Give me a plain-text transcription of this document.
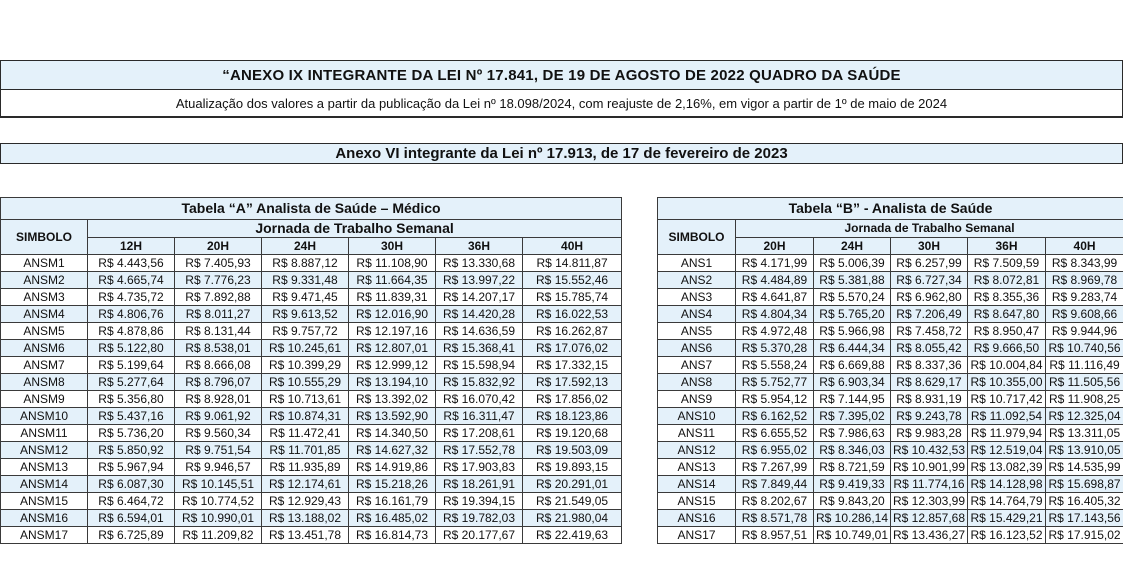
“ANEXO IX INTEGRANTE DA LEI Nº 17.841, DE 19 DE AGOSTO DE 2022 QUADRO DA SAÚDE
Atualização dos valores a partir da publicação da Lei nº 18.098/2024, com reajuste de 2,16%, em vigor a partir de 1º de maio de 2024
Anexo VI integrante da Lei nº 17.913, de 17 de fevereiro de 2023
Tabela “A” Analista de Saúde – Médico						
SIMBOLO	Jornada de Trabalho Semanal					
	12H	20H	24H	30H	36H	40H
ANSM1	R$ 4.443,56	R$ 7.405,93	R$ 8.887,12	R$ 11.108,90	R$ 13.330,68	R$ 14.811,87
ANSM2	R$ 4.665,74	R$ 7.776,23	R$ 9.331,48	R$ 11.664,35	R$ 13.997,22	R$ 15.552,46
ANSM3	R$ 4.735,72	R$ 7.892,88	R$ 9.471,45	R$ 11.839,31	R$ 14.207,17	R$ 15.785,74
ANSM4	R$ 4.806,76	R$ 8.011,27	R$ 9.613,52	R$ 12.016,90	R$ 14.420,28	R$ 16.022,53
ANSM5	R$ 4.878,86	R$ 8.131,44	R$ 9.757,72	R$ 12.197,16	R$ 14.636,59	R$ 16.262,87
ANSM6	R$ 5.122,80	R$ 8.538,01	R$ 10.245,61	R$ 12.807,01	R$ 15.368,41	R$ 17.076,02
ANSM7	R$ 5.199,64	R$ 8.666,08	R$ 10.399,29	R$ 12.999,12	R$ 15.598,94	R$ 17.332,15
ANSM8	R$ 5.277,64	R$ 8.796,07	R$ 10.555,29	R$ 13.194,10	R$ 15.832,92	R$ 17.592,13
ANSM9	R$ 5.356,80	R$ 8.928,01	R$ 10.713,61	R$ 13.392,02	R$ 16.070,42	R$ 17.856,02
ANSM10	R$ 5.437,16	R$ 9.061,92	R$ 10.874,31	R$ 13.592,90	R$ 16.311,47	R$ 18.123,86
ANSM11	R$ 5.736,20	R$ 9.560,34	R$ 11.472,41	R$ 14.340,50	R$ 17.208,61	R$ 19.120,68
ANSM12	R$ 5.850,92	R$ 9.751,54	R$ 11.701,85	R$ 14.627,32	R$ 17.552,78	R$ 19.503,09
ANSM13	R$ 5.967,94	R$ 9.946,57	R$ 11.935,89	R$ 14.919,86	R$ 17.903,83	R$ 19.893,15
ANSM14	R$ 6.087,30	R$ 10.145,51	R$ 12.174,61	R$ 15.218,26	R$ 18.261,91	R$ 20.291,01
ANSM15	R$ 6.464,72	R$ 10.774,52	R$ 12.929,43	R$ 16.161,79	R$ 19.394,15	R$ 21.549,05
ANSM16	R$ 6.594,01	R$ 10.990,01	R$ 13.188,02	R$ 16.485,02	R$ 19.782,03	R$ 21.980,04
ANSM17	R$ 6.725,89	R$ 11.209,82	R$ 13.451,78	R$ 16.814,73	R$ 20.177,67	R$ 22.419,63
Tabela “B” - Analista de Saúde					
SIMBOLO	Jornada de Trabalho Semanal				
	20H	24H	30H	36H	40H
ANS1	R$ 4.171,99	R$ 5.006,39	R$ 6.257,99	R$ 7.509,59	R$ 8.343,99
ANS2	R$ 4.484,89	R$ 5.381,88	R$ 6.727,34	R$ 8.072,81	R$ 8.969,78
ANS3	R$ 4.641,87	R$ 5.570,24	R$ 6.962,80	R$ 8.355,36	R$ 9.283,74
ANS4	R$ 4.804,34	R$ 5.765,20	R$ 7.206,49	R$ 8.647,80	R$ 9.608,66
ANS5	R$ 4.972,48	R$ 5.966,98	R$ 7.458,72	R$ 8.950,47	R$ 9.944,96
ANS6	R$ 5.370,28	R$ 6.444,34	R$ 8.055,42	R$ 9.666,50	R$ 10.740,56
ANS7	R$ 5.558,24	R$ 6.669,88	R$ 8.337,36	R$ 10.004,84	R$ 11.116,49
ANS8	R$ 5.752,77	R$ 6.903,34	R$ 8.629,17	R$ 10.355,00	R$ 11.505,56
ANS9	R$ 5.954,12	R$ 7.144,95	R$ 8.931,19	R$ 10.717,42	R$ 11.908,25
ANS10	R$ 6.162,52	R$ 7.395,02	R$ 9.243,78	R$ 11.092,54	R$ 12.325,04
ANS11	R$ 6.655,52	R$ 7.986,63	R$ 9.983,28	R$ 11.979,94	R$ 13.311,05
ANS12	R$ 6.955,02	R$ 8.346,03	R$ 10.432,53	R$ 12.519,04	R$ 13.910,05
ANS13	R$ 7.267,99	R$ 8.721,59	R$ 10.901,99	R$ 13.082,39	R$ 14.535,99
ANS14	R$ 7.849,44	R$ 9.419,33	R$ 11.774,16	R$ 14.128,98	R$ 15.698,87
ANS15	R$ 8.202,67	R$ 9.843,20	R$ 12.303,99	R$ 14.764,79	R$ 16.405,32
ANS16	R$ 8.571,78	R$ 10.286,14	R$ 12.857,68	R$ 15.429,21	R$ 17.143,56
ANS17	R$ 8.957,51	R$ 10.749,01	R$ 13.436,27	R$ 16.123,52	R$ 17.915,02
